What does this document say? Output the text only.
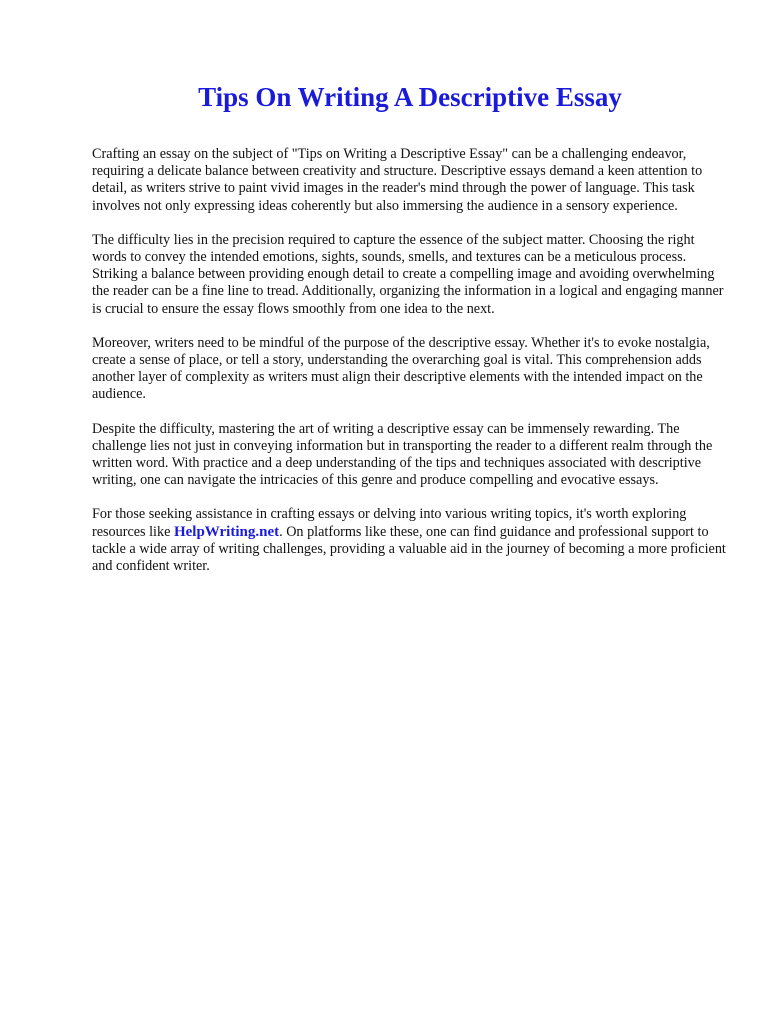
Tips On Writing A Descriptive Essay

Crafting an essay on the subject of "Tips on Writing a Descriptive Essay" can be a challenging endeavor, requiring a delicate balance between creativity and structure. Descriptive essays demand a keen attention to detail, as writers strive to paint vivid images in the reader's mind through the power of language. This task involves not only expressing ideas coherently but also immersing the audience in a sensory experience.

The difficulty lies in the precision required to capture the essence of the subject matter. Choosing the right words to convey the intended emotions, sights, sounds, smells, and textures can be a meticulous process. Striking a balance between providing enough detail to create a compelling image and avoiding overwhelming the reader can be a fine line to tread. Additionally, organizing the information in a logical and engaging manner is crucial to ensure the essay flows smoothly from one idea to the next.

Moreover, writers need to be mindful of the purpose of the descriptive essay. Whether it's to evoke nostalgia, create a sense of place, or tell a story, understanding the overarching goal is vital. This comprehension adds another layer of complexity as writers must align their descriptive elements with the intended impact on the audience.

Despite the difficulty, mastering the art of writing a descriptive essay can be immensely rewarding. The challenge lies not just in conveying information but in transporting the reader to a different realm through the written word. With practice and a deep understanding of the tips and techniques associated with descriptive writing, one can navigate the intricacies of this genre and produce compelling and evocative essays.

For those seeking assistance in crafting essays or delving into various writing topics, it's worth exploring resources like HelpWriting.net. On platforms like these, one can find guidance and professional support to tackle a wide array of writing challenges, providing a valuable aid in the journey of becoming a more proficient and confident writer.
